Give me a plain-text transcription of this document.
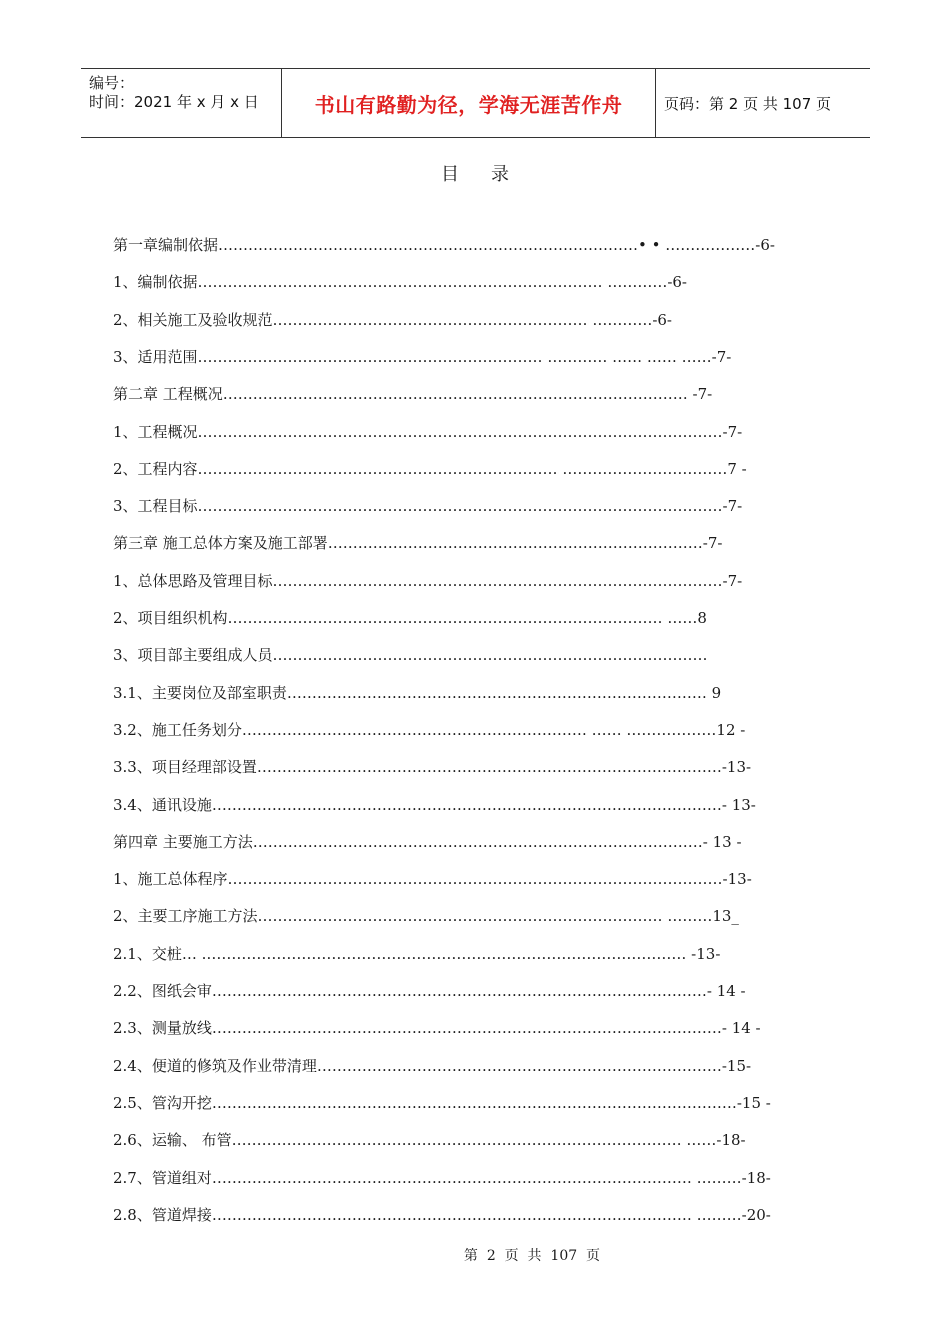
编号：
时间：2021 年 x 月 x 日	书山有路勤为径，学海无涯苦作舟	页码：第 2 页 共 107 页
目录
第一章编制依据…………………………………………………………………………• • ………………-6-
1、编制依据……………………………………………………………………… …………-6-
2、相关施工及验收规范……………………………………………………… …………-6-
3、适用范围…………………………………………………………… ………… …… …… ……-7-
第二章 工程概况………………………………………………………………………………… -7-
1、工程概况……………………………………………………………………………………………-7-
2、工程内容……………………………………………………………… ……………………………7 -
3、工程目标……………………………………………………………………………………………-7-
第三章 施工总体方案及施工部署…………………………………………………………………-7-
1、总体思路及管理目标………………………………………………………………………………-7-
2、项目组织机构…………………………………………………………………………… ……8
3、项目部主要组成人员……………………………………………………………………………
3.1、主要岗位及部室职责………………………………………………………………………… 9
3.2、施工任务划分…………………………………………………………… …… ………………12 -
3.3、项目经理部设置…………………………………………………………………………………-13-
3.4、通讯设施…………………………………………………………………………………………- 13-
第四章 主要施工方法………………………………………………………………………………- 13 -
1、施工总体程序………………………………………………………………………………………-13-
2、主要工序施工方法……………………………………………………………………… ………13_
2.1、交桩… .…………………………………………………………………………………… -13-
2.2、图纸会审………………………………………………………………………………………- 14 -
2.3、测量放线…………………………………………………………………………………………- 14 -
2.4、便道的修筑及作业带清理………………………………………………………………………-15-
2.5、管沟开挖……………………………………………………………………………………………-15 -
2.6、运输、 布管……………………………………………………………………………… ……-18-
2.7、管道组对…………………………………………………………………………………… ………-18-
2.8、管道焊接…………………………………………………………………………………… ………-20-
第  2  页  共  107  页
